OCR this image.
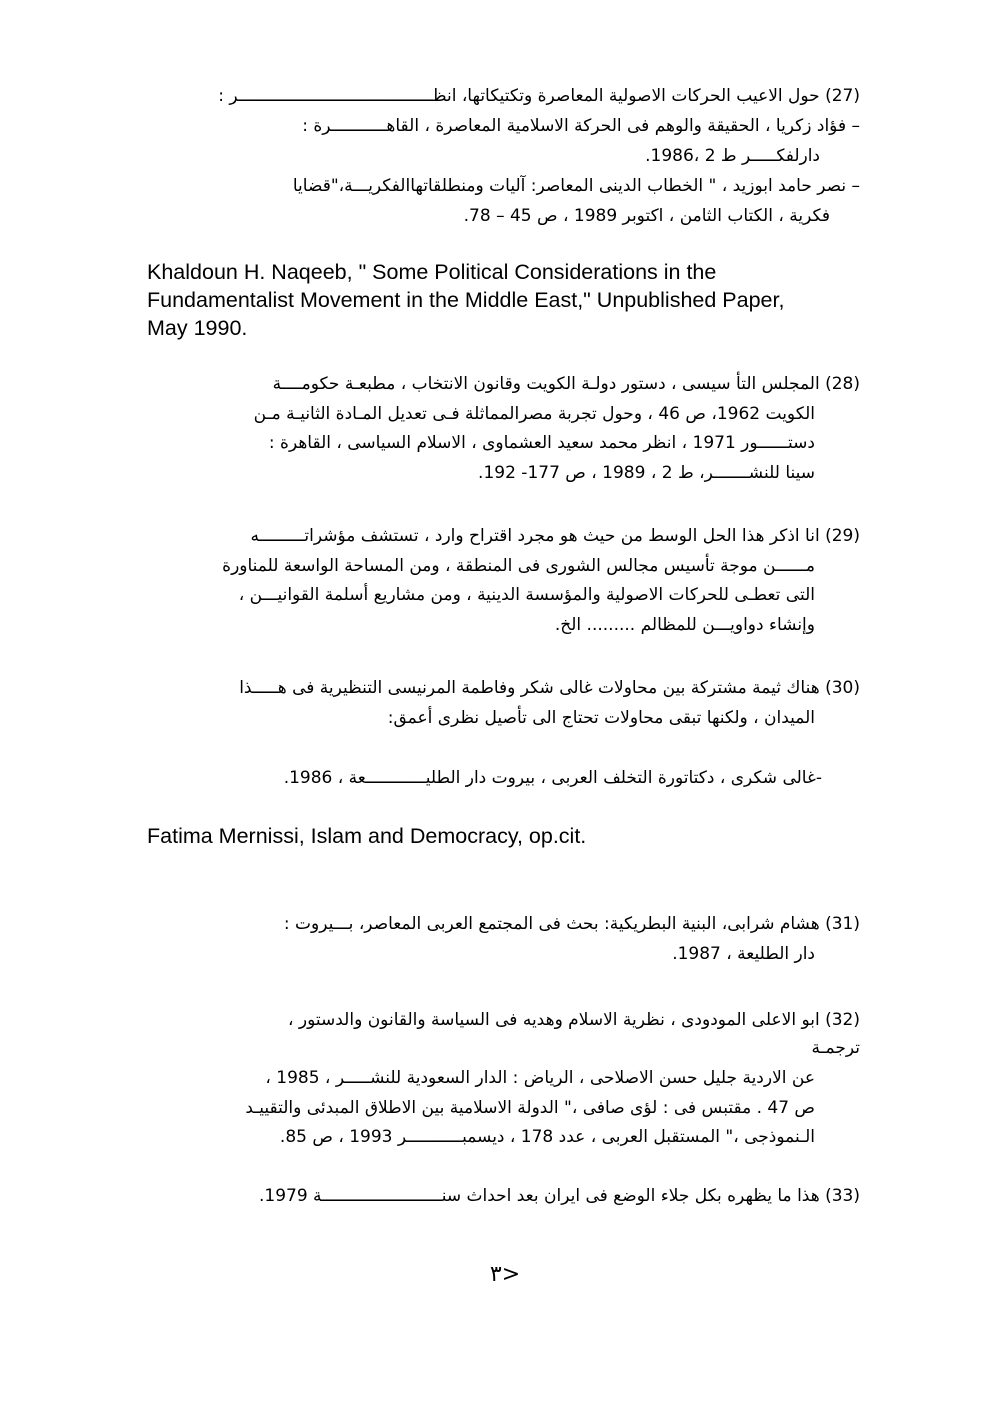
(27) حول الاعيب الحركات الاصولية المعاصرة وتكتيكاتها، انظـــــــــــــــــــــــــــــــــــــــر :
– فؤاد زكريا ، الحقيقة والوهم فى الحركة الاسلامية المعاصرة ، القاهـــــــــــرة :
دارلفكـــــر ط 2 ،1986.
– نصر حامد ابوزيد ، " الخطاب الدينى المعاصر: آليات ومنطلقاتهاالفكريـــة،"قضايا
فكرية ، الكتاب الثامن ، اكتوبر 1989 ، ص 45 – 78.
Khaldoun H. Naqeeb, " Some Political Considerations in the
Fundamentalist Movement in the Middle East," Unpublished Paper,
May 1990.
(28) المجلس التأ سيسى ، دستور دولـة الكويت وقانون الانتخاب ، مطبعـة حكومــــة
الكويت 1962، ص 46 ، وحول تجربة مصرالمماثلة فـى تعديل المـادة الثانيـة مـن
دستــــــور 1971 ، انظر محمد سعيد العشماوى ، الاسلام السياسى ، القاهرة :
سينا للنشـــــــر، ط 2 ، 1989 ، ص 177- 192.
(29) انا اذكر هذا الحل الوسط من حيث هو مجرد اقتراح وارد ، تستشف مؤشراتـــــــــه
مــــــن موجة تأسيس مجالس الشورى فى المنطقة ، ومن المساحة الواسعة للمناورة
التى تعطـى للحركات الاصولية والمؤسسة الدينية ، ومن مشاريع أسلمة القوانيـــن ،
وإنشاء دواويـــن للمظالم ......... الخ.
(30) هناك ثيمة مشتركة بين محاولات غالى شكر وفاطمة المرنيسى التنظيرية فى هـــــذا
الميدان ، ولكنها تبقى محاولات تحتاج الى تأصيل نظرى أعمق:
-غالى شكرى ، دكتاتورة التخلف العربى ، بيروت دار الطليــــــــــــعة ، 1986.
Fatima Mernissi, Islam and Democracy, op.cit.
(31) هشام شرابى، البنية البطريكية: بحث فى المجتمع العربى المعاصر، بـــيروت :
دار الطليعة ، 1987.
(32) ابو الاعلى المودودى ، نظرية الاسلام وهديه فى السياسة والقانون والدستور ،
ترجمـة
عن الاردية جليل حسن الاصلاحى ، الرياض : الدار السعودية للنشـــــر ، 1985 ،
ص 47 . مقتبس فى : لؤى صافى ،" الدولة الاسلامية بين الاطلاق المبدئى والتقييـد
الـنموذجى ،" المستقبل العربى ، عدد 178 ، ديسمبـــــــــــر 1993 ، ص 85.
(33) هذا ما يظهره بكل جلاء الوضع فى ايران بعد احداث سنــــــــــــــــــــــــة 1979.
٣>
